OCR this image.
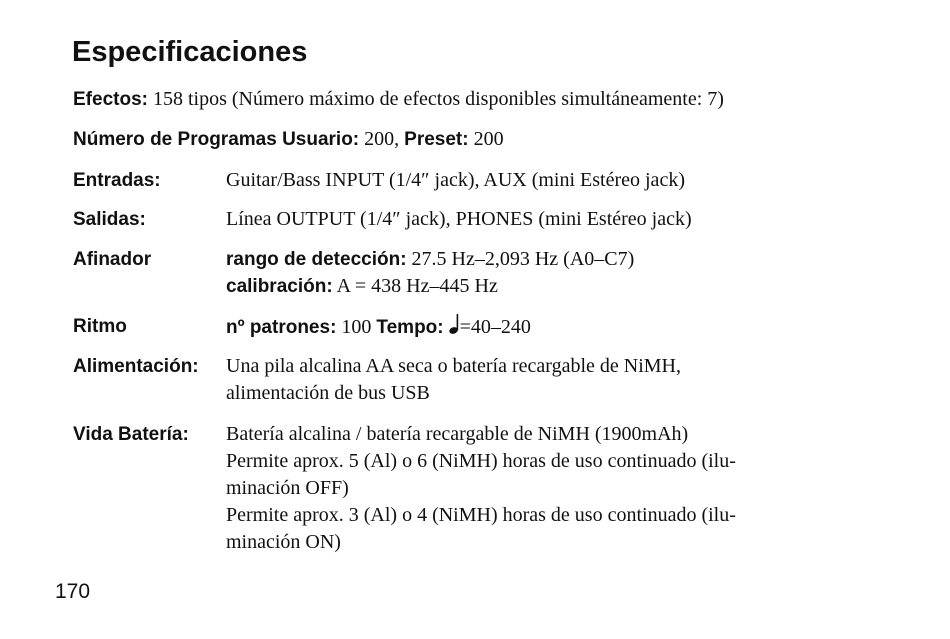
Especificaciones
Efectos: 158 tipos (Número máximo de efectos disponibles simultáneamente: 7)
Número de Programas Usuario: 200, Preset: 200
Entradas:	Guitar/Bass INPUT (1/4″ jack), AUX (mini Estéreo jack)
Salidas:	Línea OUTPUT (1/4″ jack), PHONES (mini Estéreo jack)
Afinador	rango de detección: 27.5 Hz–2,093 Hz (A0–C7)
calibración: A = 438 Hz–445 Hz
Ritmo	nº patrones: 100 Tempo: =40–240
Alimentación: Una pila alcalina AA seca o batería recargable de NiMH,
alimentación de bus USB
Vida Batería: Batería alcalina / batería recargable de NiMH (1900mAh)
Permite aprox. 5 (Al) o 6 (NiMH) horas de uso continuado (ilu-
minación OFF)
Permite aprox. 3 (Al) o 4 (NiMH) horas de uso continuado (ilu-
minación ON)
170
